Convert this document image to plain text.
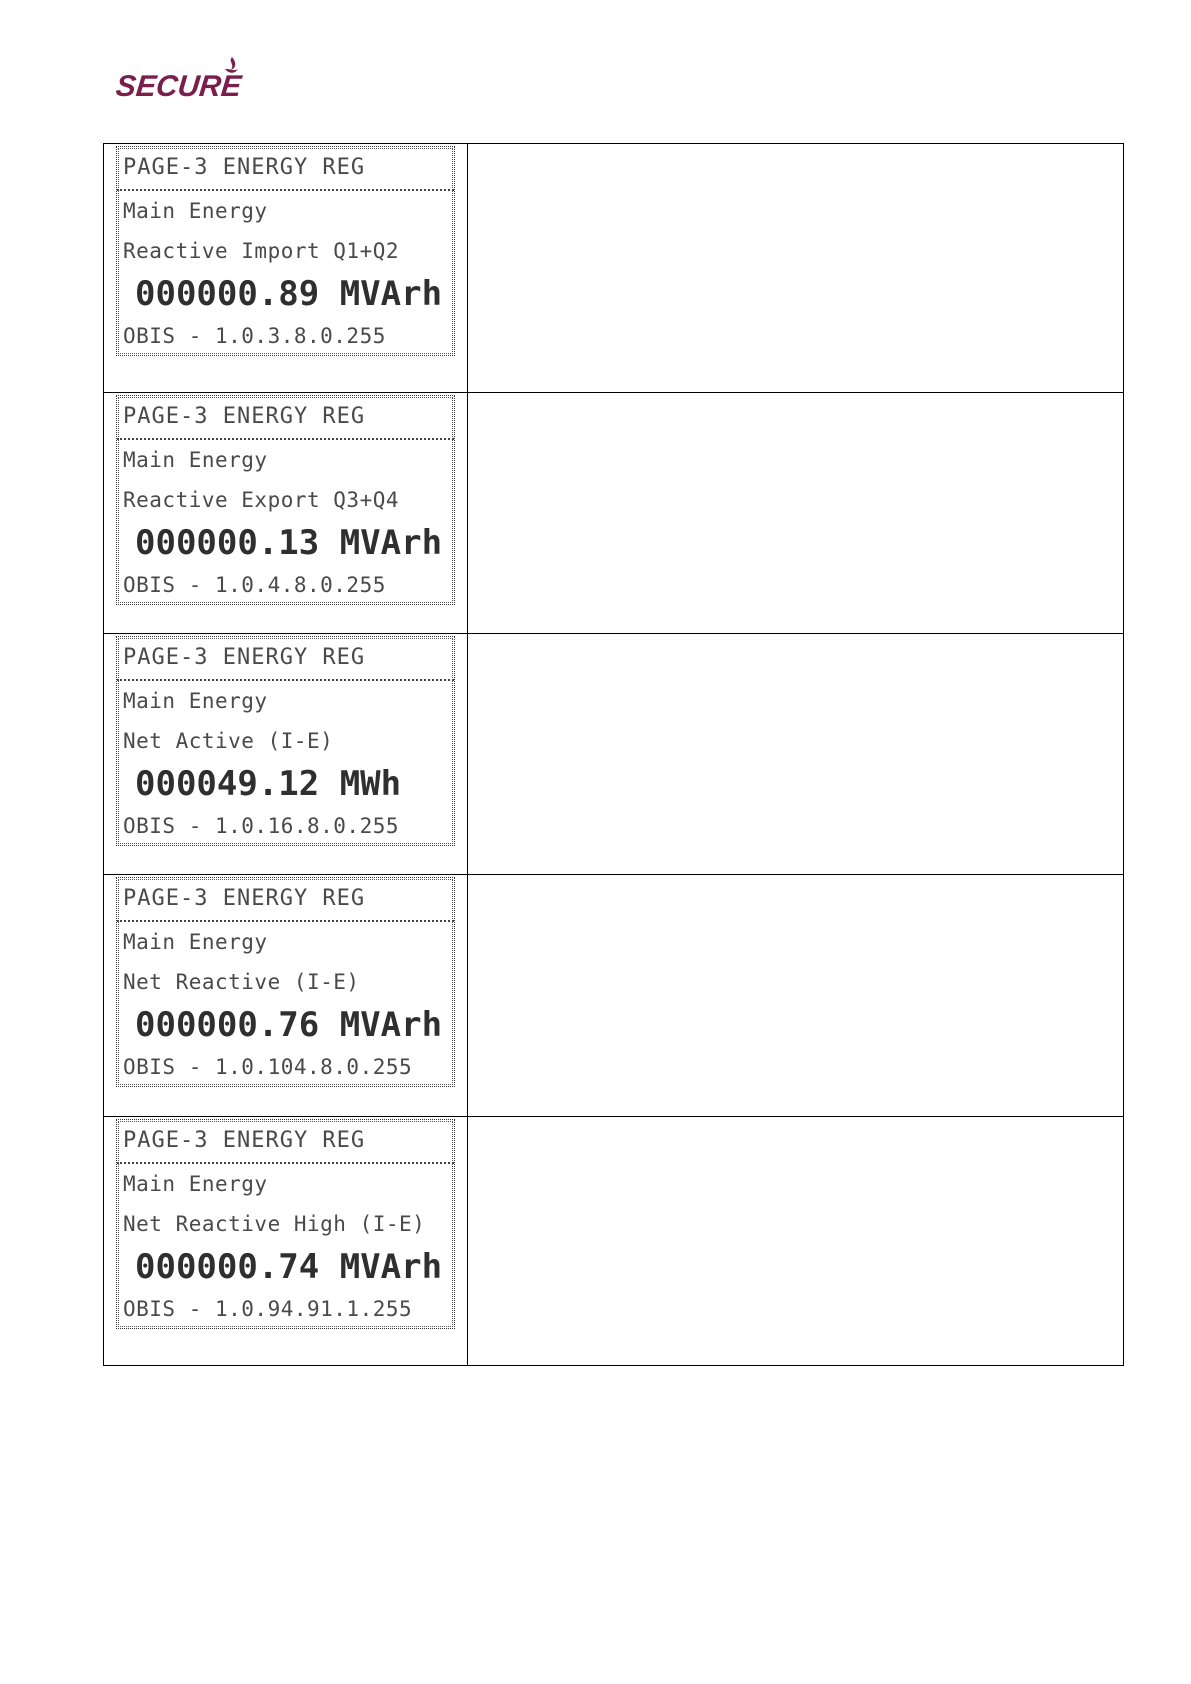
SECURE
PAGE-3 ENERGY REG
Main Energy
Reactive Import Q1+Q2
000000.89 MVArh
OBIS - 1.0.3.8.0.255	

PAGE-3 ENERGY REG
Main Energy
Reactive Export Q3+Q4
000000.13 MVArh
OBIS - 1.0.4.8.0.255	

PAGE-3 ENERGY REG
Main Energy
Net Active (I-E)
000049.12 MWh
OBIS - 1.0.16.8.0.255	

PAGE-3 ENERGY REG
Main Energy
Net Reactive (I-E)
000000.76 MVArh
OBIS - 1.0.104.8.0.255	

PAGE-3 ENERGY REG
Main Energy
Net Reactive High (I-E)
000000.74 MVArh
OBIS - 1.0.94.91.1.255	
